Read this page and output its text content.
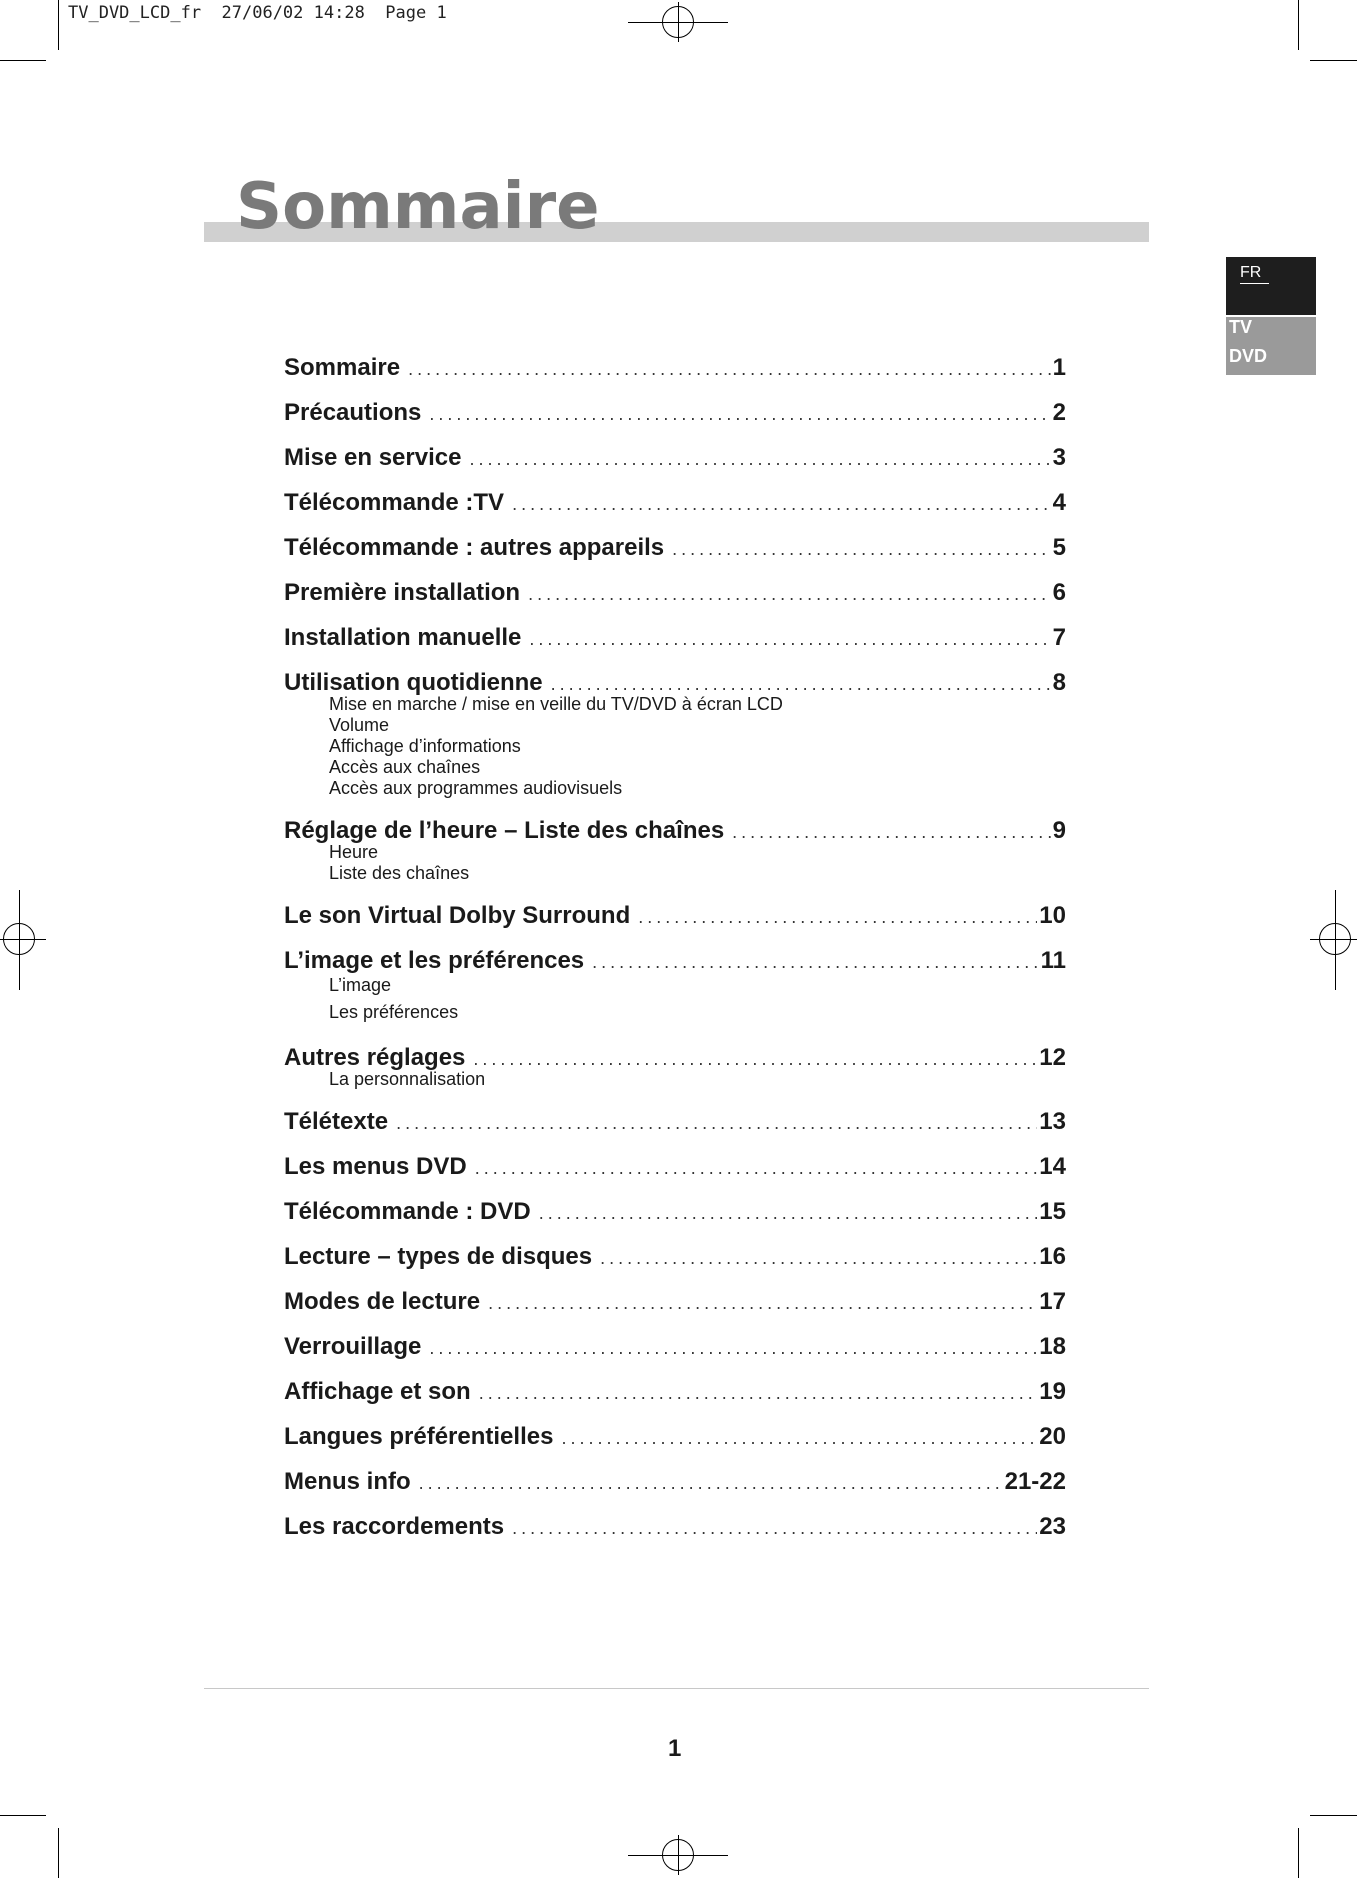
TV_DVD_LCD_fr  27/06/02 14:28  Page 1
Sommaire
FR
TV
DVD
Sommaire .....	1
Précautions .....	2
Mise en service .....	3
Télécommande :TV .....	4
Télécommande : autres appareils .....	5
Première installation .....	6
Installation manuelle .....	7
Utilisation quotidienne .....	8
Mise en marche / mise en veille du TV/DVD à écran LCD
Volume
Affichage d’informations
Accès aux chaînes
Accès aux programmes audiovisuels
Réglage de l’heure – Liste des chaînes .....	9
Heure
Liste des chaînes
Le son Virtual Dolby Surround .....	10
L’image et les préférences .....	11
L’image
Les préférences
Autres réglages .....	12
La personnalisation
Télétexte .....	13
Les menus DVD .....	14
Télécommande : DVD .....	15
Lecture – types de disques .....	16
Modes de lecture .....	17
Verrouillage .....	18
Affichage et son .....	19
Langues préférentielles .....	20
Menus info .....	21-22
Les raccordements .....	23
1
